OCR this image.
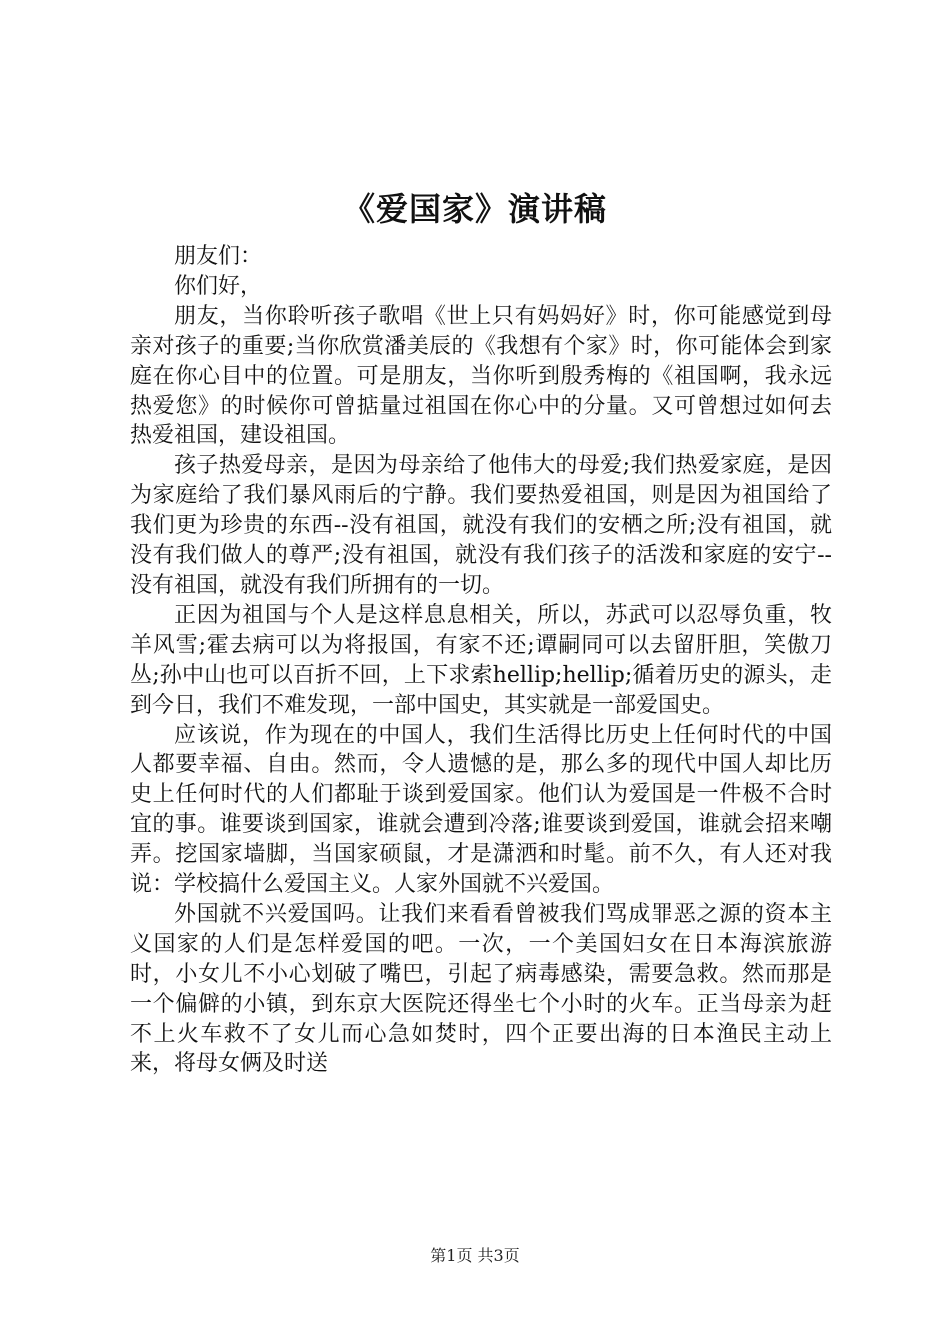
《爱国家》演讲稿

朋友们：

你们好，

朋友，当你聆听孩子歌唱《世上只有妈妈好》时，你可能感觉到母亲对孩子的重要;当你欣赏潘美辰的《我想有个家》时，你可能体会到家庭在你心目中的位置。可是朋友，当你听到殷秀梅的《祖国啊，我永远热爱您》的时候你可曾掂量过祖国在你心中的分量。又可曾想过如何去热爱祖国，建设祖国。

孩子热爱母亲，是因为母亲给了他伟大的母爱;我们热爱家庭，是因为家庭给了我们暴风雨后的宁静。我们要热爱祖国，则是因为祖国给了我们更为珍贵的东西--没有祖国，就没有我们的安栖之所;没有祖国，就没有我们做人的尊严;没有祖国，就没有我们孩子的活泼和家庭的安宁--没有祖国，就没有我们所拥有的一切。

正因为祖国与个人是这样息息相关，所以，苏武可以忍辱负重，牧羊风雪;霍去病可以为将报国，有家不还;谭嗣同可以去留肝胆，笑傲刀丛;孙中山也可以百折不回，上下求索hellip;hellip;循着历史的源头，走到今日，我们不难发现，一部中国史，其实就是一部爱国史。

应该说，作为现在的中国人，我们生活得比历史上任何时代的中国人都要幸福、自由。然而，令人遗憾的是，那么多的现代中国人却比历史上任何时代的人们都耻于谈到爱国家。他们认为爱国是一件极不合时宜的事。谁要谈到国家，谁就会遭到冷落;谁要谈到爱国，谁就会招来嘲弄。挖国家墙脚，当国家硕鼠，才是潇洒和时髦。前不久，有人还对我说：学校搞什么爱国主义。人家外国就不兴爱国。

外国就不兴爱国吗。让我们来看看曾被我们骂成罪恶之源的资本主义国家的人们是怎样爱国的吧。一次，一个美国妇女在日本海滨旅游时，小女儿不小心划破了嘴巴，引起了病毒感染，需要急救。然而那是一个偏僻的小镇，到东京大医院还得坐七个小时的火车。正当母亲为赶不上火车救不了女儿而心急如焚时，四个正要出海的日本渔民主动上来，将母女俩及时送

第1页 共3页
